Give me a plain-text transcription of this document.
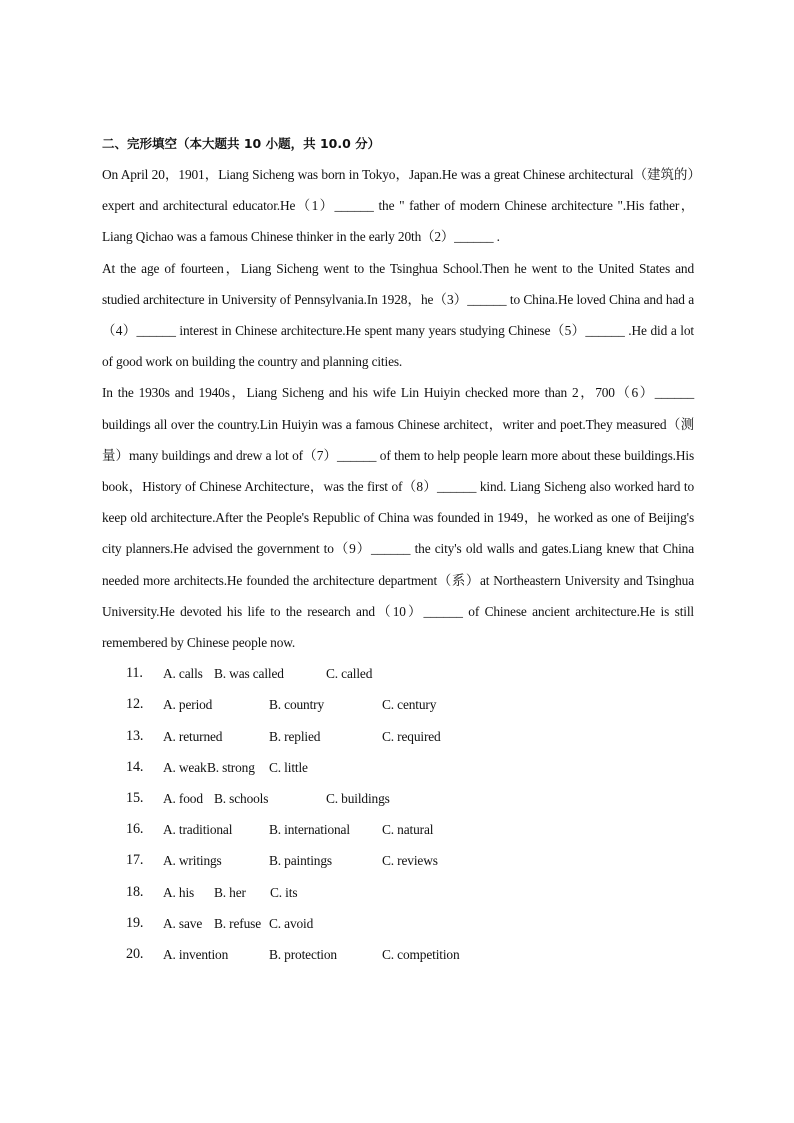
二、完形填空（本大题共 10 小题，共 10.0 分）

On April 20，1901，Liang Sicheng was born in Tokyo，Japan.He was a great Chinese architectural（建筑的）expert and architectural educator.He（1）______ the " father of modern Chinese architecture ".His father，Liang Qichao was a famous Chinese thinker in the early 20th（2）______ .

At the age of fourteen，Liang Sicheng went to the Tsinghua School.Then he went to the United States and studied architecture in University of Pennsylvania.In 1928，he（3）______ to China.He loved China and had a（4）______ interest in Chinese architecture.He spent many years studying Chinese（5）______ .He did a lot of good work on building the country and planning cities.

In the 1930s and 1940s，Liang Sicheng and his wife Lin Huiyin checked more than 2，700（6）______ buildings all over the country.Lin Huiyin was a famous Chinese architect，writer and poet.They measured（测量）many buildings and drew a lot of（7）______ of them to help people learn more about these buildings.His book，History of Chinese Architecture，was the first of（8）______ kind. Liang Sicheng also worked hard to keep old architecture.After the People's Republic of China was founded in 1949，he worked as one of Beijing's city planners.He advised the government to（9）______ the city's old walls and gates.Liang knew that China needed more architects.He founded the architecture department（系）at Northeastern University and Tsinghua University.He devoted his life to the research and（10）______ of Chinese ancient architecture.He is still remembered by Chinese people now.

11. A. calls B. was called	C. called
12. A. period	B. country	C. century
13. A. returned	B. replied	C. required
14. A. weak B. strong C. little
15. A. food B. schools	C. buildings
16. A. traditional	B. international C. natural
17. A. writings	B. paintings	C. reviews
18. A. his B. her C. its
19. A. save B. refuse C. avoid
20. A. invention	B. protection	C. competition
